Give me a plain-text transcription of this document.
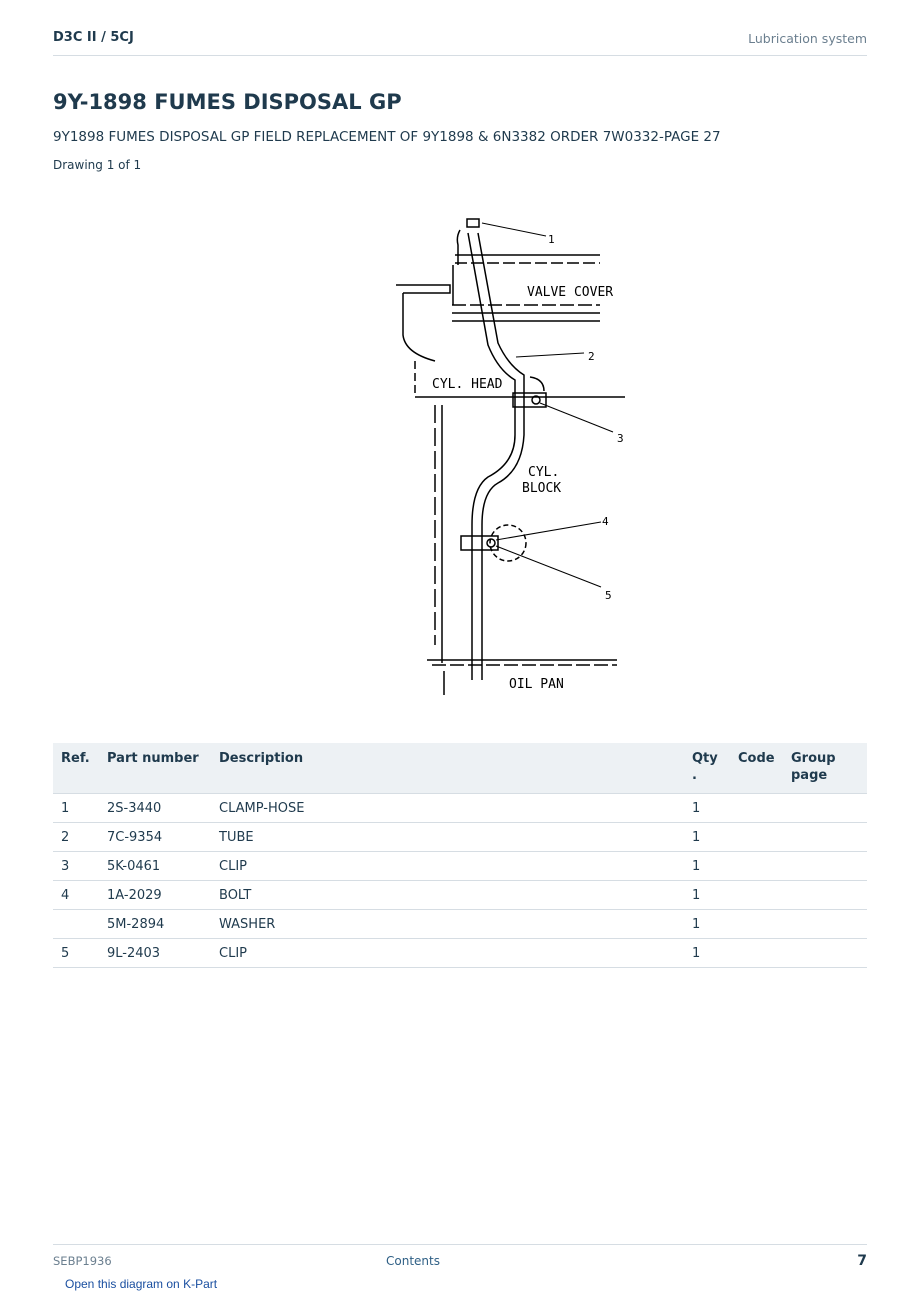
D3C II / 5CJ	Lubrication system
9Y-1898 FUMES DISPOSAL GP
9Y1898 FUMES DISPOSAL GP FIELD REPLACEMENT OF 9Y1898 & 6N3382 ORDER 7W0332-PAGE 27
Drawing 1 of 1
VALVE COVER
CYL. HEAD
CYL.
BLOCK
OIL PAN
1
2
3
4
5
Ref.	Part number	Description	Qty .	Code	Group page
1	2S-3440	CLAMP-HOSE	1		
2	7C-9354	TUBE	1		
3	5K-0461	CLIP	1		
4	1A-2029	BOLT	1		
	5M-2894	WASHER	1		
5	9L-2403	CLIP	1		
SEBP1936	Contents	7
Open this diagram on K-Part
